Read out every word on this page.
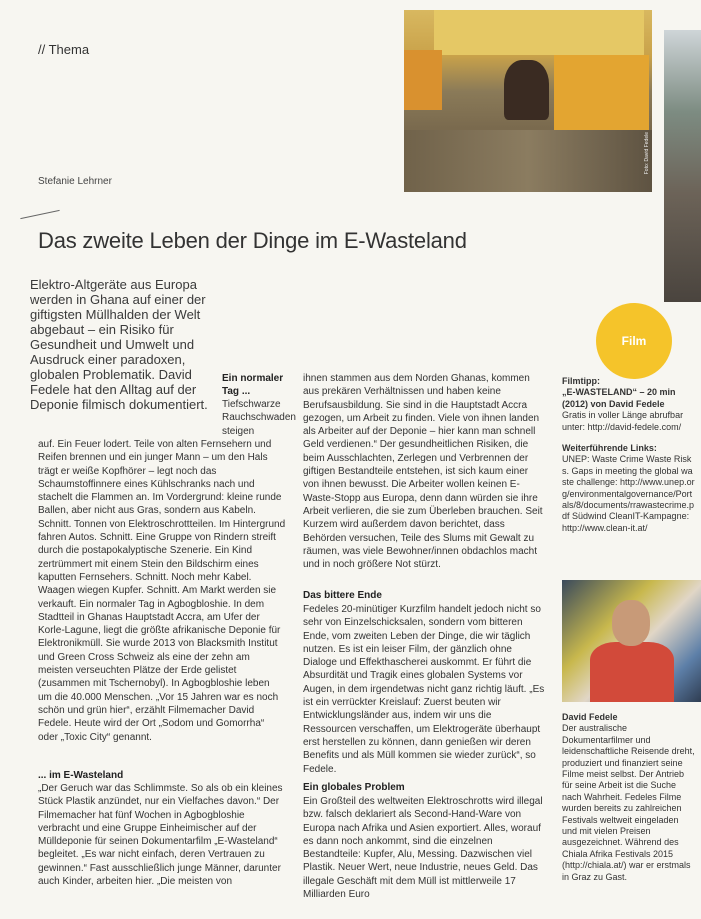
// Thema
Foto: David Fedele
Stefanie Lehrner
Das zweite Leben der Dinge im E-Wasteland
Elektro-Altgeräte aus Europa werden in Ghana auf einer der giftigsten Müllhalden der Welt abgebaut – ein Risiko für Gesundheit und Umwelt und Ausdruck einer paradoxen, globalen Problematik. David Fedele hat den Alltag auf der Deponie filmisch dokumentiert.
Film
Ein normaler Tag ...
Tiefschwarze Rauchschwaden steigen
auf. Ein Feuer lodert. Teile von alten Fernsehern und Reifen brennen und ein junger Mann – um den Hals trägt er weiße Kopfhörer – legt noch das Schaumstoffinnere eines Kühlschranks nach und stachelt die Flammen an. Im Vordergrund: kleine runde Ballen, aber nicht aus Gras, sondern aus Kabeln. Schnitt. Tonnen von Elektroschrottteilen. Im Hintergrund fahren Autos. Schnitt. Eine Gruppe von Rindern streift durch die postapokalyptische Szenerie. Ein Kind zertrümmert mit einem Stein den Bildschirm eines kaputten Fernsehers. Schnitt. Noch mehr Kabel. Waagen wiegen Kupfer. Schnitt. Am Markt werden sie verkauft. Ein normaler Tag in Agbogbloshie. In dem Stadtteil in Ghanas Hauptstadt Accra, am Ufer der Korle-Lagune, liegt die größte afrikanische Deponie für Elektronikmüll. Sie wurde 2013 von Blacksmith Institut und Green Cross Schweiz als eine der zehn am meisten verseuchten Plätze der Erde gelistet (zusammen mit Tschernobyl). In Agbogbloshie leben um die 40.000 Menschen. „Vor 15 Jahren war es noch schön und grün hier“, erzählt Filmemacher David Fedele. Heute wird der Ort „Sodom und Gomorrha“ oder „Toxic City“ genannt.
... im E-Wasteland
„Der Geruch war das Schlimmste. So als ob ein kleines Stück Plastik anzündet, nur ein Vielfaches davon.“ Der Filmemacher hat fünf Wochen in Agbogbloshie verbracht und eine Gruppe Einheimischer auf der Mülldeponie für seinen Dokumentarfilm „E-Wasteland“ begleitet. „Es war nicht einfach, deren Vertrauen zu gewinnen.“ Fast ausschließlich junge Männer, darunter auch Kinder, arbeiten hier. „Die meisten von
ihnen stammen aus dem Norden Ghanas, kommen aus prekären Verhältnissen und haben keine Berufsausbildung. Sie sind in die Hauptstadt Accra gezogen, um Arbeit zu finden. Viele von ihnen landen als Arbeiter auf der Deponie – hier kann man schnell Geld verdienen.“ Der gesundheitlichen Risiken, die beim Ausschlachten, Zerlegen und Verbrennen der giftigen Bestandteile entstehen, ist sich kaum einer von ihnen bewusst. Die Arbeiter wollen keinen E-Waste-Stopp aus Europa, denn dann würden sie ihre Arbeit verlieren, die sie zum Überleben brauchen. Seit Kurzem wird außerdem davon berichtet, dass Behörden versuchen, Teile des Slums mit Gewalt zu räumen, was viele Bewohner/innen obdachlos macht und in noch größere Not stürzt.
Das bittere Ende
Fedeles 20-minütiger Kurzfilm handelt jedoch nicht so sehr von Einzelschicksalen, sondern vom bitteren Ende, vom zweiten Leben der Dinge, die wir täglich nutzen. Es ist ein leiser Film, der gänzlich ohne Dialoge und Effekthascherei auskommt. Er führt die Absurdität und Tragik eines globalen Systems vor Augen, in dem irgendetwas nicht ganz richtig läuft. „Es ist ein verrückter Kreislauf: Zuerst beuten wir Entwicklungsländer aus, indem wir uns die Ressourcen verschaffen, um Elektrogeräte überhaupt erst herstellen zu können, dann genießen wir deren Benefits und als Müll kommen sie wieder zurück“, so Fedele.
Ein globales Problem
Ein Großteil des weltweiten Elektroschrotts wird illegal bzw. falsch deklariert als Second-Hand-Ware von Europa nach Afrika und Asien exportiert. Alles, worauf es dann noch ankommt, sind die einzelnen Bestandteile: Kupfer, Alu, Messing. Dazwischen viel Plastik. Neuer Wert, neue Industrie, neues Geld. Das illegale Geschäft mit dem Müll ist mittlerweile 17 Milliarden Euro
Filmtipp:
„E-WASTELAND“ – 20 min (2012) von David Fedele
Gratis in voller Länge abrufbar unter: http://david-fedele.com/
Weiterführende Links:
UNEP: Waste Crime Waste Risks. Gaps in meeting the global waste challenge: http://www.unep.org/environmentalgovernance/Portals/8/documents/rrawastecrime.pdf Südwind CleanIT-Kampagne: http://www.clean-it.at/
David Fedele
Der australische Dokumentarfilmer und leidenschaftliche Reisende dreht, produziert und finanziert seine Filme meist selbst. Der Antrieb für seine Arbeit ist die Suche nach Wahrheit. Fedeles Filme wurden bereits zu zahlreichen Festivals weltweit eingeladen und mit vielen Preisen ausgezeichnet. Während des Chiala Afrika Festivals 2015 (http://chiala.at/) war er erstmals in Graz zu Gast.
